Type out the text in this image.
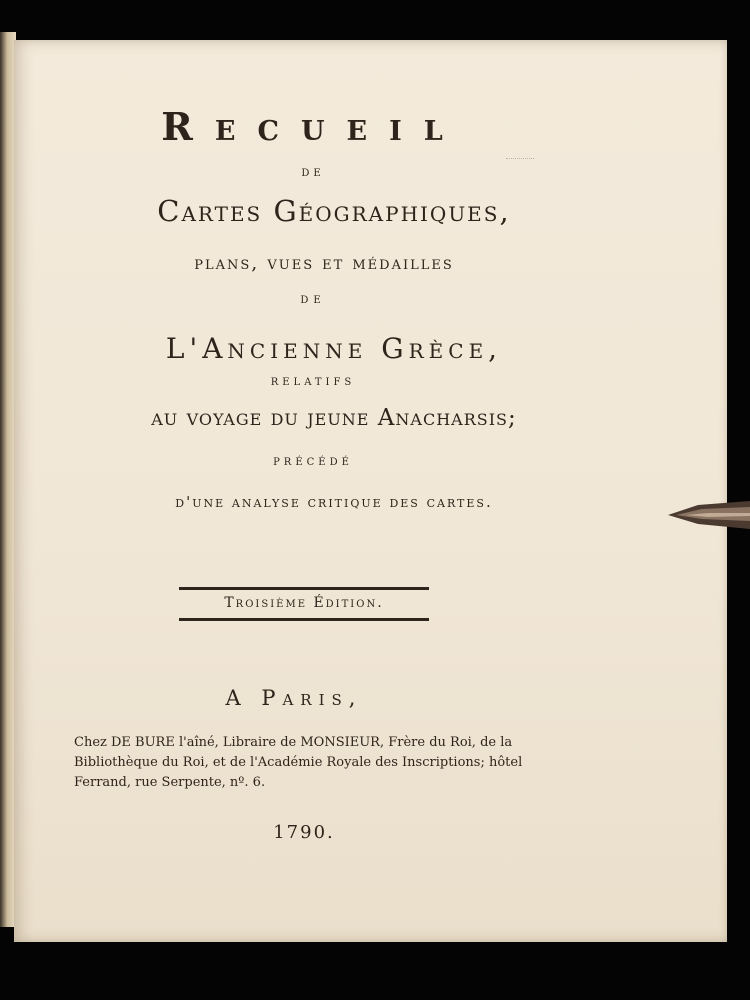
Recueil
de
Cartes Géographiques,
plans, vues et médailles
de
L'Ancienne Grèce,
relatifs
au voyage du jeune Anacharsis;
précédé
d'une analyse critique des cartes.
Troisième Édition.
A Paris,
Chez DE BURE l'aîné, Libraire de MONSIEUR, Frère du Roi, de la
Bibliothèque du Roi, et de l'Académie Royale des Inscriptions; hôtel
Ferrand, rue Serpente, nº. 6.
1790.
